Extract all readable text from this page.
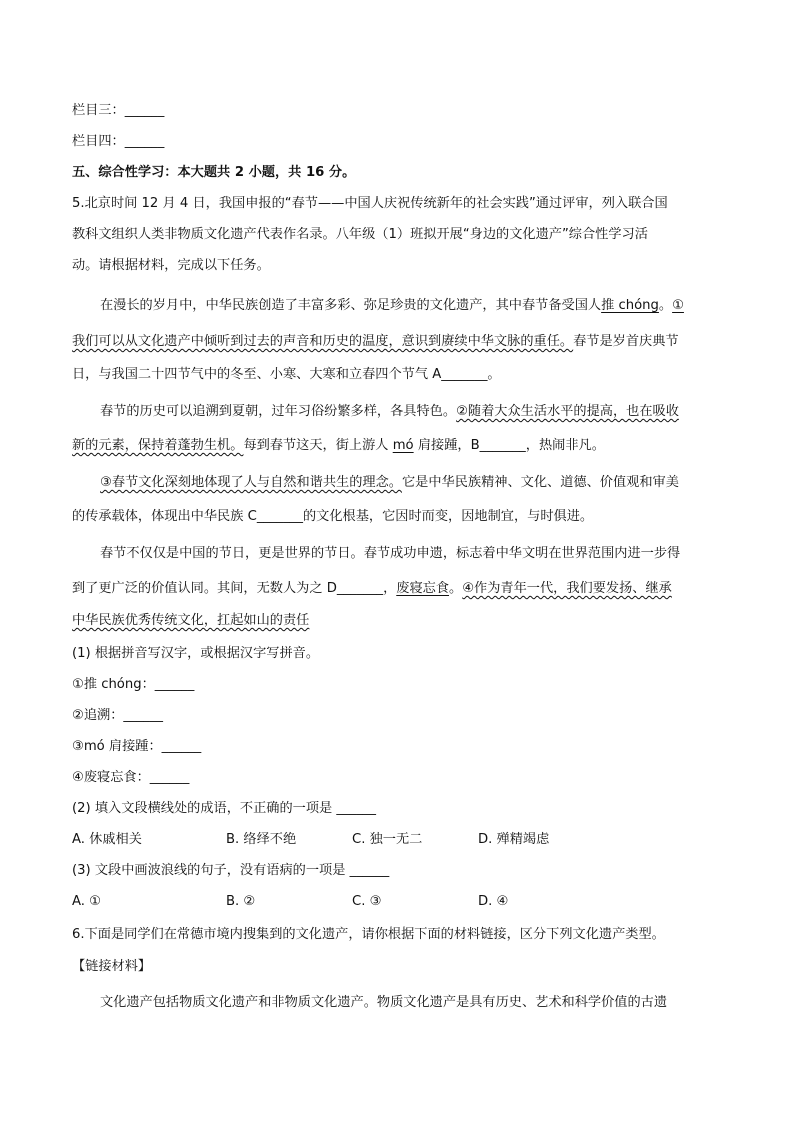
栏目三：______
栏目四：______
五、综合性学习：本大题共 2 小题，共 16 分。
5.北京时间 12 月 4 日，我国申报的“春节——中国人庆祝传统新年的社会实践”通过评审，列入联合国
教科文组织人类非物质文化遗产代表作名录。八年级（1）班拟开展“身边的文化遗产”综合性学习活
动。请根据材料，完成以下任务。
在漫长的岁月中，中华民族创造了丰富多彩、弥足珍贵的文化遗产，其中春节备受国人推 chóng。①
我们可以从文化遗产中倾听到过去的声音和历史的温度，意识到赓续中华文脉的重任。春节是岁首庆典节
日，与我国二十四节气中的冬至、小寒、大寒和立春四个节气 A_______。
春节的历史可以追溯到夏朝，过年习俗纷繁多样，各具特色。②随着大众生活水平的提高，也在吸收
新的元素，保持着蓬勃生机。每到春节这天，街上游人 mó 肩接踵，B_______，热闹非凡。
③春节文化深刻地体现了人与自然和谐共生的理念。它是中华民族精神、文化、道德、价值观和审美
的传承载体，体现出中华民族 C_______的文化根基，它因时而变，因地制宜，与时俱进。
春节不仅仅是中国的节日，更是世界的节日。春节成功申遗，标志着中华文明在世界范围内进一步得
到了更广泛的价值认同。其间，无数人为之 D_______，废寝忘食。④作为青年一代，我们要发扬、继承
中华民族优秀传统文化，扛起如山的责任
(1) 根据拼音写汉字，或根据汉字写拼音。
①推 chóng：______
②追溯：______
③mó 肩接踵：______
④废寝忘食：______
(2) 填入文段横线处的成语，不正确的一项是 ______
A. 休戚相关	B. 络绎不绝	C. 独一无二	D. 殚精竭虑
(3) 文段中画波浪线的句子，没有语病的一项是 ______
A. ①	B. ②	C. ③	D. ④
6.下面是同学们在常德市境内搜集到的文化遗产，请你根据下面的材料链接，区分下列文化遗产类型。
【链接材料】
文化遗产包括物质文化遗产和非物质文化遗产。物质文化遗产是具有历史、艺术和科学价值的古遗
